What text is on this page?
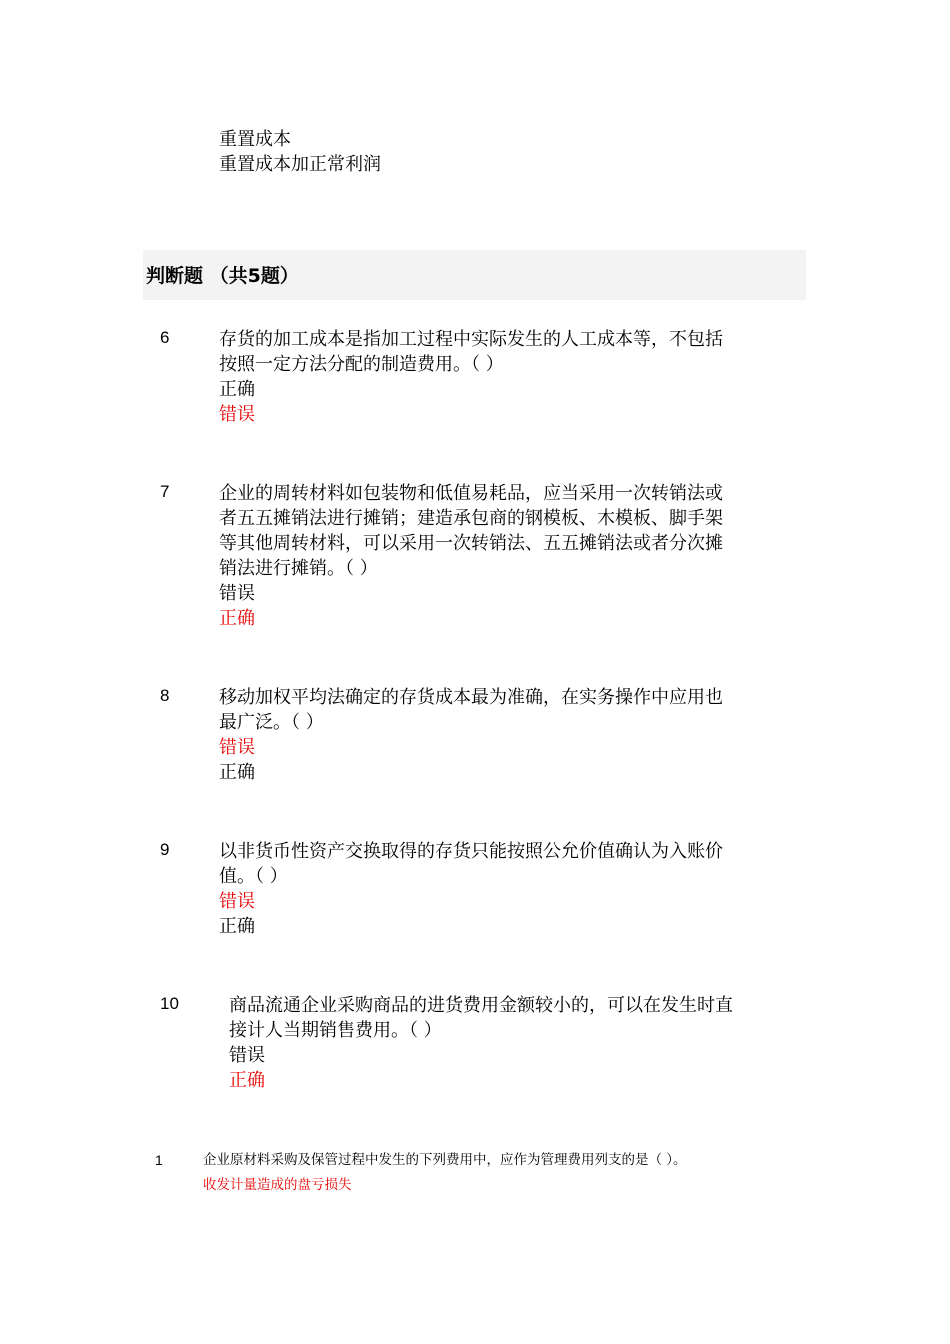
重置成本
重置成本加正常利润
判断题 （共5题）
6	存货的加工成本是指加工过程中实际发生的人工成本等，不包括
按照一定方法分配的制造费用。（ ）
正确
错误
7	企业的周转材料如包装物和低值易耗品，应当采用一次转销法或
者五五摊销法进行摊销；建造承包商的钢模板、木模板、脚手架
等其他周转材料，可以采用一次转销法、五五摊销法或者分次摊
销法进行摊销。（ ）
错误
正确
8	移动加权平均法确定的存货成本最为准确，在实务操作中应用也
最广泛。（ ）
错误
正确
9	以非货币性资产交换取得的存货只能按照公允价值确认为入账价
值。（ ）
错误
正确
10	商品流通企业采购商品的进货费用金额较小的，可以在发生时直
接计人当期销售费用。（ ）
错误
正确
1	企业原材料采购及保管过程中发生的下列费用中，应作为管理费用列支的是（ ）。
收发计量造成的盘亏损失
